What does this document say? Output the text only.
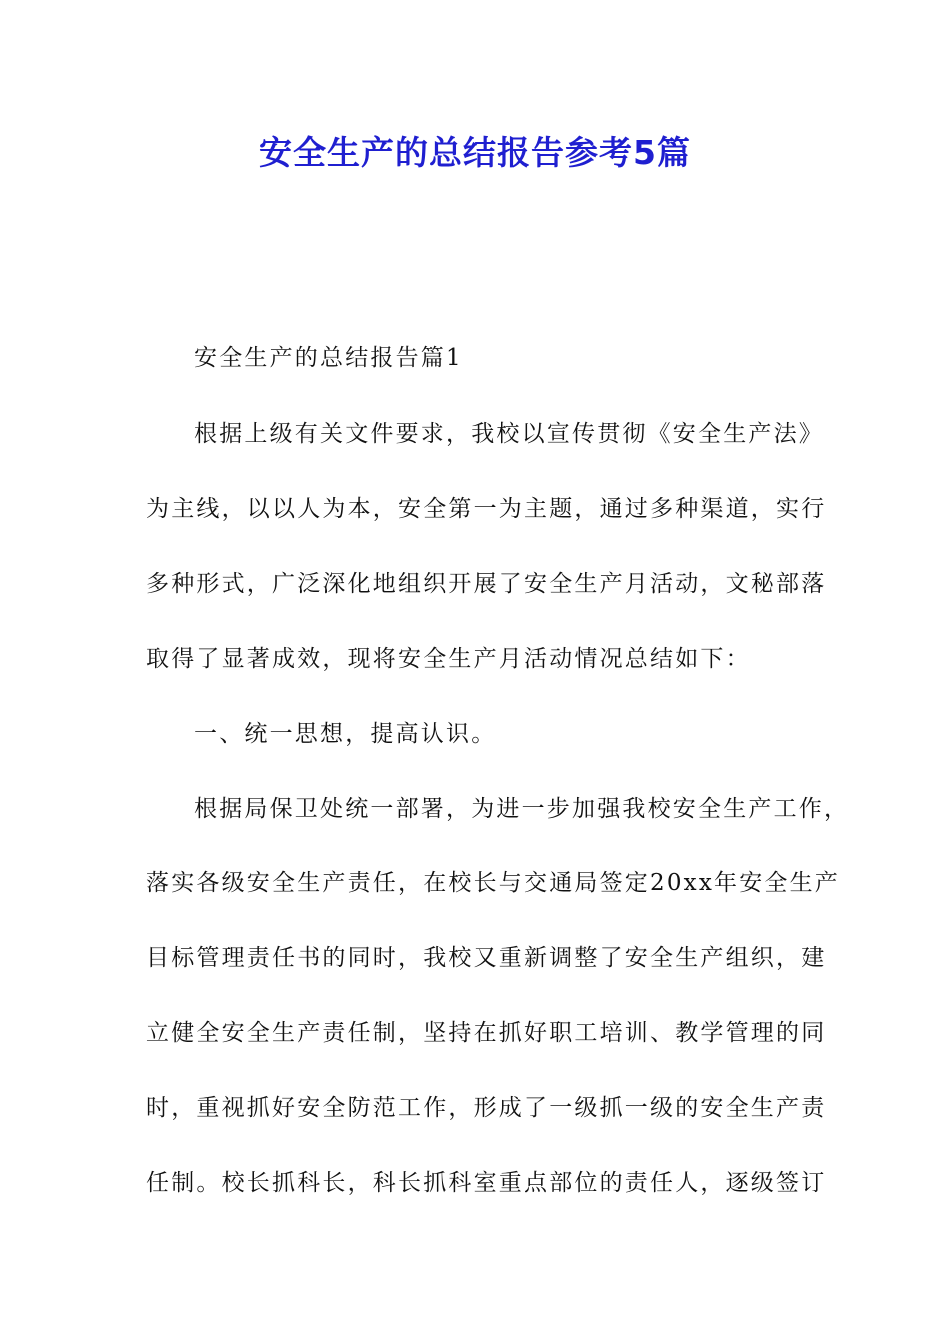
安全生产的总结报告参考5篇

安全生产的总结报告篇1

根据上级有关文件要求，我校以宣传贯彻《安全生产法》

为主线，以以人为本，安全第一为主题，通过多种渠道，实行

多种形式，广泛深化地组织开展了安全生产月活动，文秘部落

取得了显著成效，现将安全生产月活动情况总结如下：

一、统一思想，提高认识。

根据局保卫处统一部署，为进一步加强我校安全生产工作，

落实各级安全生产责任，在校长与交通局签定20xx年安全生产

目标管理责任书的同时，我校又重新调整了安全生产组织，建

立健全安全生产责任制，坚持在抓好职工培训、教学管理的同

时，重视抓好安全防范工作，形成了一级抓一级的安全生产责

任制。校长抓科长，科长抓科室重点部位的责任人，逐级签订
